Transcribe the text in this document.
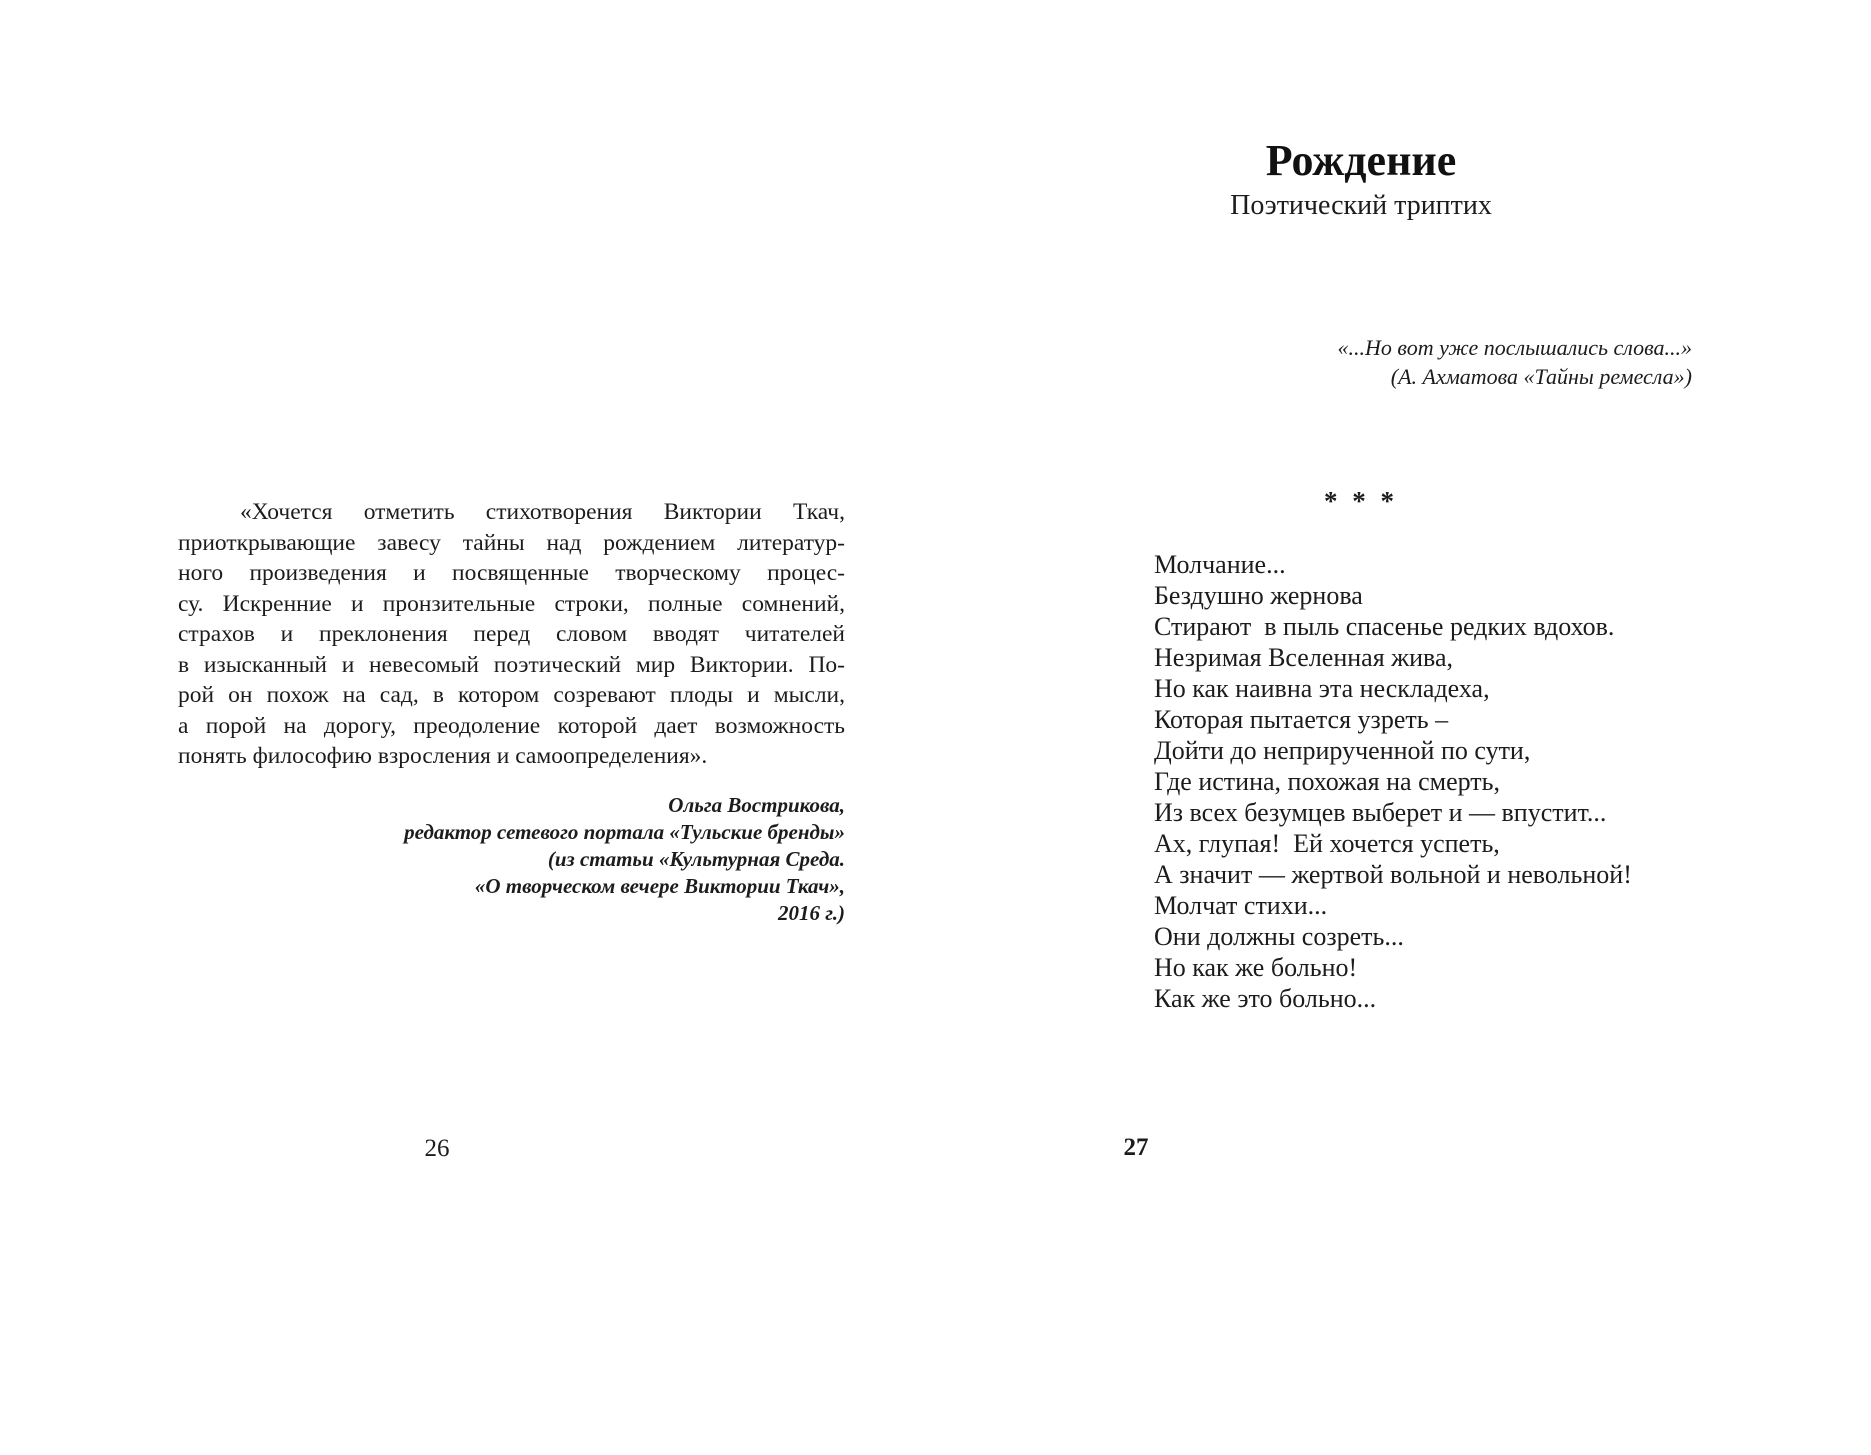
«Хочется отметить стихотворения Виктории Ткач,
приоткрывающие завесу тайны над рождением литератур-
ного произведения и посвященные творческому процес-
су. Искренние и пронзительные строки, полные сомнений,
страхов и преклонения перед словом вводят читателей
в изысканный и невесомый поэтический мир Виктории. По-
рой он похож на сад, в котором созревают плоды и мысли,
а порой на дорогу, преодоление которой дает возможность
понять философию взросления и самоопределения».
Ольга Вострикова,
редактор сетевого портала «Тульские бренды»
(из статьи «Культурная Среда.
«О творческом вечере Виктории Ткач»,
2016 г.)
26
Рождение
Поэтический триптих
«...Но вот уже послышались слова...»
(А. Ахматова «Тайны ремесла»)
* * *
Молчание...
Бездушно жернова
Стирают  в пыль спасенье редких вдохов.
Незримая Вселенная жива,
Но как наивна эта нескладеха,
Которая пытается узреть –
Дойти до неприрученной по сути,
Где истина, похожая на смерть,
Из всех безумцев выберет и — впустит...
Ах, глупая!  Ей хочется успеть,
А значит — жертвой вольной и невольной!
Молчат стихи...
Они должны созреть...
Но как же больно!
Как же это больно...
27
